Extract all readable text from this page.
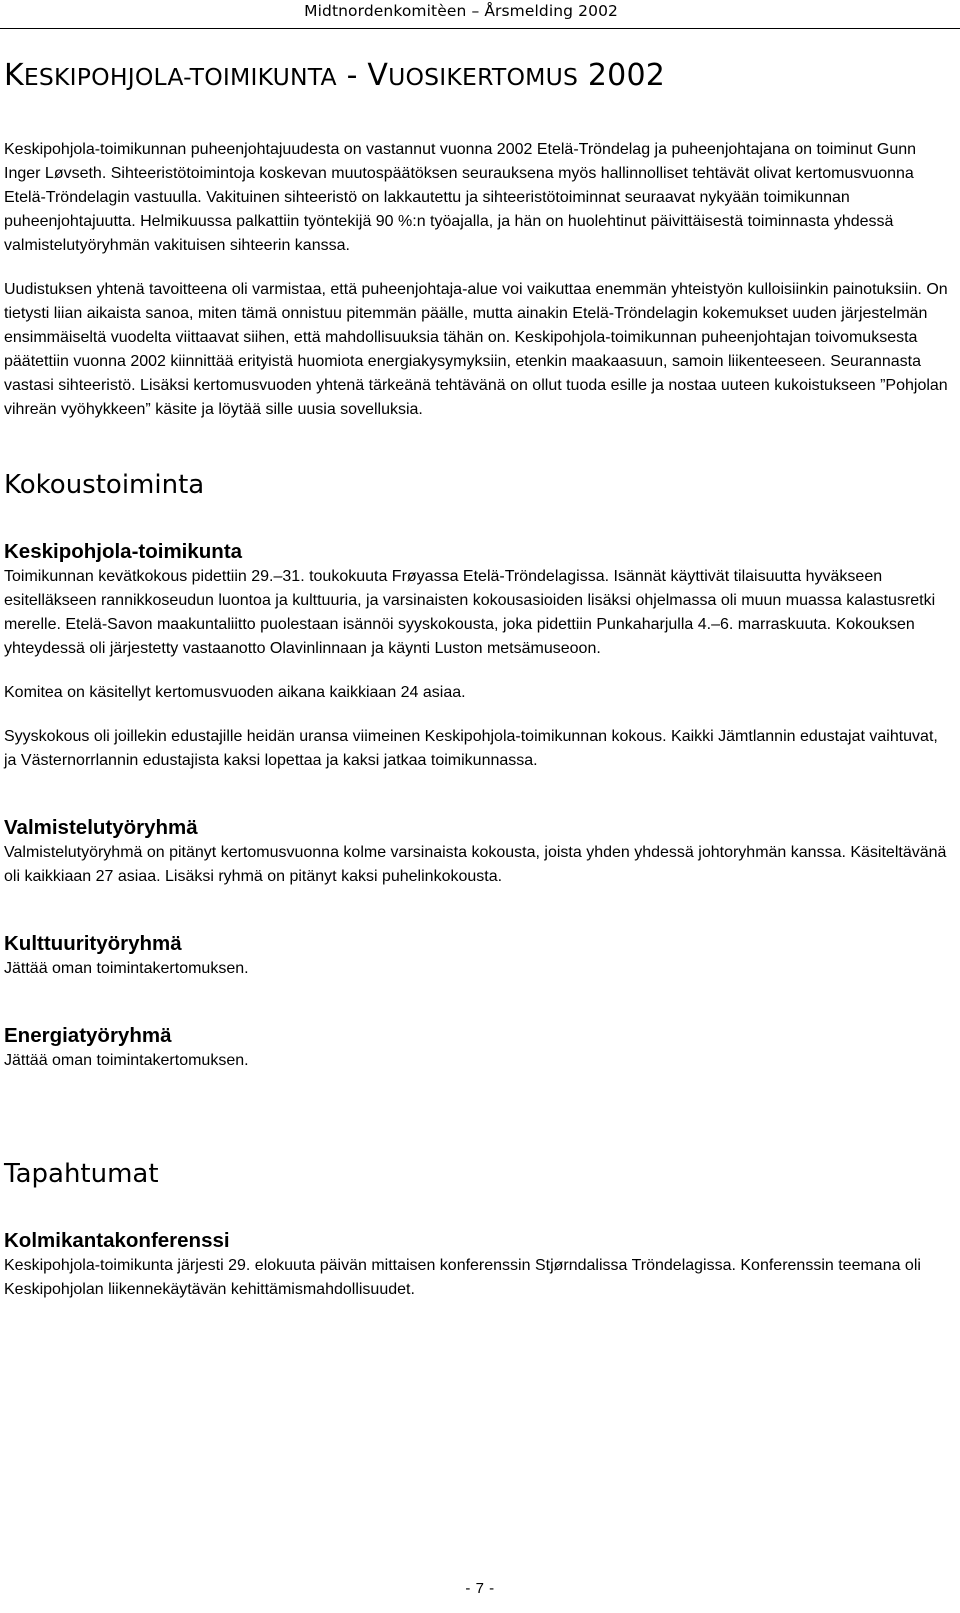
Midtnordenkomitèen – Årsmelding 2002
KESKIPOHJOLA-TOIMIKUNTA - VUOSIKERTOMUS 2002

Keskipohjola-toimikunnan puheenjohtajuudesta on vastannut vuonna 2002 Etelä-Tröndelag ja puheenjohtajana on toiminut Gunn Inger Løvseth. Sihteeristötoimintoja koskevan muutospäätöksen seurauksena myös hallinnolliset tehtävät olivat kertomusvuonna Etelä-Tröndelagin vastuulla. Vakituinen sihteeristö on lakkautettu ja sihteeristötoiminnat seuraavat nykyään toimikunnan puheenjohtajuutta. Helmikuussa palkattiin työntekijä 90 %:n työajalla, ja hän on huolehtinut päivittäisestä toiminnasta yhdessä valmistelutyöryhmän vakituisen sihteerin kanssa.

Uudistuksen yhtenä tavoitteena oli varmistaa, että puheenjohtaja-alue voi vaikuttaa enemmän yhteistyön kulloisiinkin painotuksiin. On tietysti liian aikaista sanoa, miten tämä onnistuu pitemmän päälle, mutta ainakin Etelä-Tröndelagin kokemukset uuden järjestelmän ensimmäiseltä vuodelta viittaavat siihen, että mahdollisuuksia tähän on. Keskipohjola-toimikunnan puheenjohtajan toivomuksesta päätettiin vuonna 2002 kiinnittää erityistä huomiota energiakysymyksiin, etenkin maakaasuun, samoin liikenteeseen. Seurannasta vastasi sihteeristö. Lisäksi kertomusvuoden yhtenä tärkeänä tehtävänä on ollut tuoda esille ja nostaa uuteen kukoistukseen ”Pohjolan vihreän vyöhykkeen” käsite ja löytää sille uusia sovelluksia.

Kokoustoiminta
Keskipohjola-toimikunta

Toimikunnan kevätkokous pidettiin 29.–31. toukokuuta Frøyassa Etelä-Tröndelagissa. Isännät käyttivät tilaisuutta hyväkseen esitelläkseen rannikkoseudun luontoa ja kulttuuria, ja varsinaisten kokousasioiden lisäksi ohjelmassa oli muun muassa kalastusretki merelle. Etelä-Savon maakuntaliitto puolestaan isännöi syyskokousta, joka pidettiin Punkaharjulla 4.–6. marraskuuta. Kokouksen yhteydessä oli järjestetty vastaanotto Olavinlinnaan ja käynti Luston metsämuseoon.

Komitea on käsitellyt kertomusvuoden aikana kaikkiaan 24 asiaa.

Syyskokous oli joillekin edustajille heidän uransa viimeinen Keskipohjola-toimikunnan kokous. Kaikki Jämtlannin edustajat vaihtuvat, ja Västernorrlannin edustajista kaksi lopettaa ja kaksi jatkaa toimikunnassa.

Valmistelutyöryhmä

Valmistelutyöryhmä on pitänyt kertomusvuonna kolme varsinaista kokousta, joista yhden yhdessä johtoryhmän kanssa. Käsiteltävänä oli kaikkiaan 27 asiaa. Lisäksi ryhmä on pitänyt kaksi puhelinkokousta.

Kulttuurityöryhmä

Jättää oman toimintakertomuksen.

Energiatyöryhmä

Jättää oman toimintakertomuksen.

Tapahtumat
Kolmikantakonferenssi

Keskipohjola-toimikunta järjesti 29. elokuuta päivän mittaisen konferenssin Stjørndalissa Tröndelagissa. Konferenssin teemana oli Keskipohjolan liikennekäytävän kehittämismahdollisuudet.

- 7 -
